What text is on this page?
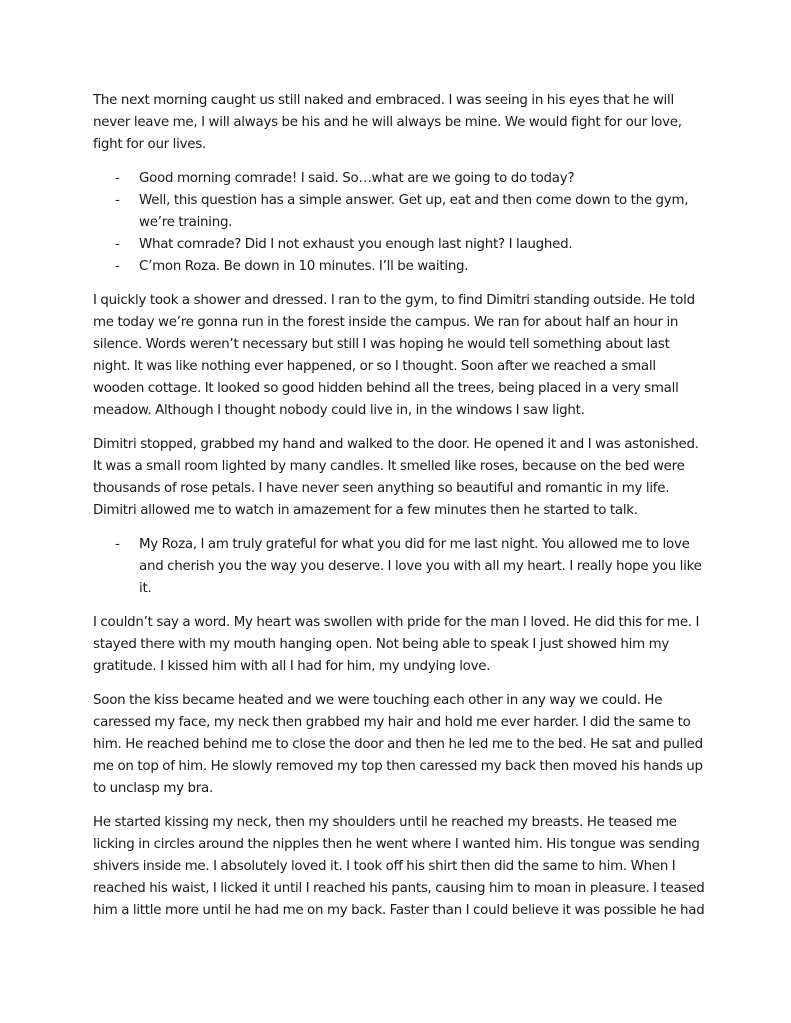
The next morning caught us still naked and embraced. I was seeing in his eyes that he will never leave me, I will always be his and he will always be mine. We would fight for our love, fight for our lives.

- Good morning comrade! I said. So…what are we going to do today?
- Well, this question has a simple answer. Get up, eat and then come down to the gym, we’re training.
- What comrade? Did I not exhaust you enough last night? I laughed.
- C’mon Roza. Be down in 10 minutes. I’ll be waiting.

I quickly took a shower and dressed. I ran to the gym, to find Dimitri standing outside. He told me today we’re gonna run in the forest inside the campus. We ran for about half an hour in silence. Words weren’t necessary but still I was hoping he would tell something about last night. It was like nothing ever happened, or so I thought. Soon after we reached a small wooden cottage. It looked so good hidden behind all the trees, being placed in a very small meadow. Although I thought nobody could live in, in the windows I saw light.

Dimitri stopped, grabbed my hand and walked to the door. He opened it and I was astonished. It was a small room lighted by many candles. It smelled like roses, because on the bed were thousands of rose petals. I have never seen anything so beautiful and romantic in my life. Dimitri allowed me to watch in amazement for a few minutes then he started to talk.

- My Roza, I am truly grateful for what you did for me last night. You allowed me to love and cherish you the way you deserve. I love you with all my heart. I really hope you like it.

I couldn’t say a word. My heart was swollen with pride for the man I loved. He did this for me. I stayed there with my mouth hanging open. Not being able to speak I just showed him my gratitude. I kissed him with all I had for him, my undying love.

Soon the kiss became heated and we were touching each other in any way we could. He caressed my face, my neck then grabbed my hair and hold me ever harder. I did the same to him. He reached behind me to close the door and then he led me to the bed. He sat and pulled me on top of him. He slowly removed my top then caressed my back then moved his hands up to unclasp my bra.

He started kissing my neck, then my shoulders until he reached my breasts. He teased me licking in circles around the nipples then he went where I wanted him. His tongue was sending shivers inside me. I absolutely loved it. I took off his shirt then did the same to him. When I reached his waist, I licked it until I reached his pants, causing him to moan in pleasure. I teased him a little more until he had me on my back. Faster than I could believe it was possible he had
